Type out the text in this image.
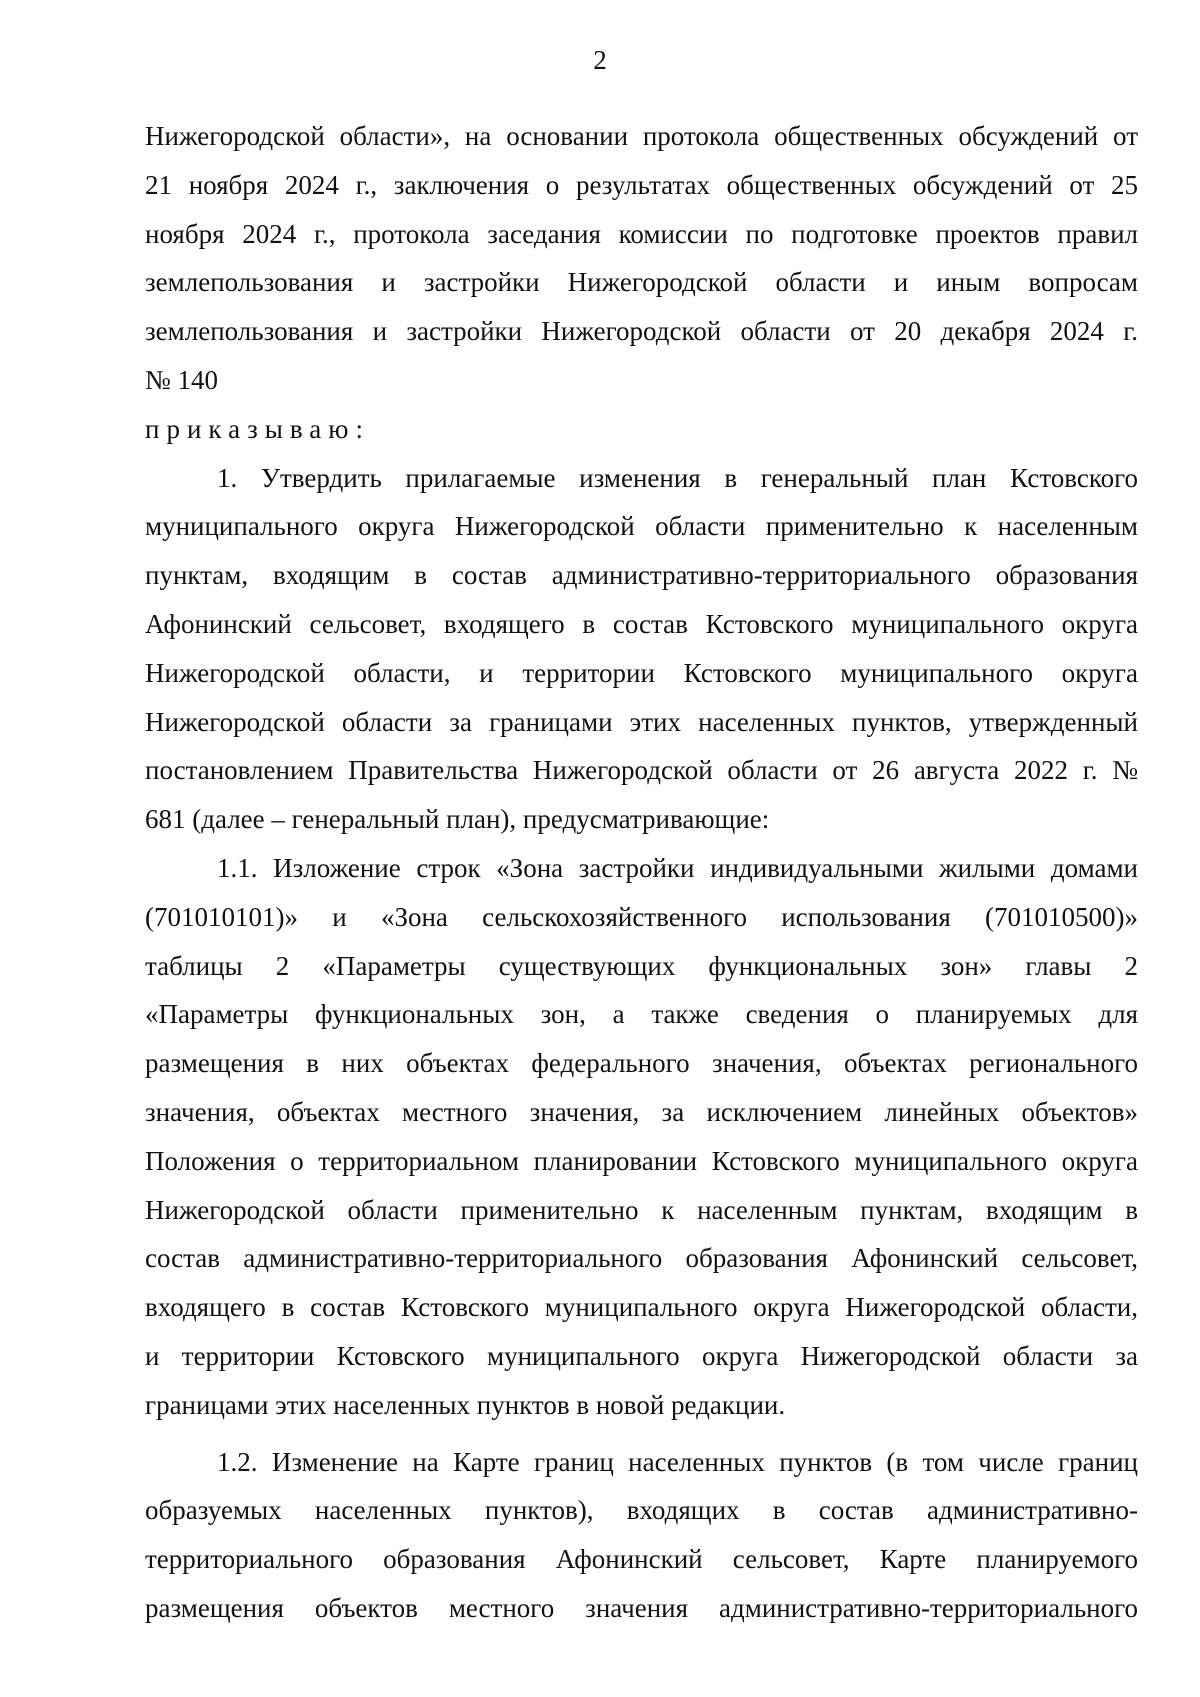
2
Нижегородской области», на основании протокола общественных обсуждений от
21 ноября 2024 г., заключения о результатах общественных обсуждений от 25
ноября 2024 г., протокола заседания комиссии по подготовке проектов правил
землепользования и застройки Нижегородской области и иным вопросам
землепользования и застройки Нижегородской области от 20 декабря 2024 г.
№ 140
приказываю:
1. Утвердить прилагаемые изменения в генеральный план Кстовского
муниципального округа Нижегородской области применительно к населенным
пунктам, входящим в состав административно-территориального образования
Афонинский сельсовет, входящего в состав Кстовского муниципального округа
Нижегородской области, и территории Кстовского муниципального округа
Нижегородской области за границами этих населенных пунктов, утвержденный
постановлением Правительства Нижегородской области от 26 августа 2022 г. №
681 (далее – генеральный план), предусматривающие:
1.1. Изложение строк «Зона застройки индивидуальными жилыми домами
(701010101)» и «Зона сельскохозяйственного использования (701010500)»
таблицы 2 «Параметры существующих функциональных зон» главы 2
«Параметры функциональных зон, а также сведения о планируемых для
размещения в них объектах федерального значения, объектах регионального
значения, объектах местного значения, за исключением линейных объектов»
Положения о территориальном планировании Кстовского муниципального округа
Нижегородской области применительно к населенным пунктам, входящим в
состав административно-территориального образования Афонинский сельсовет,
входящего в состав Кстовского муниципального округа Нижегородской области,
и территории Кстовского муниципального округа Нижегородской области за
границами этих населенных пунктов в новой редакции.
1.2. Изменение на Карте границ населенных пунктов (в том числе границ
образуемых населенных пунктов), входящих в состав административно-
территориального образования Афонинский сельсовет, Карте планируемого
размещения объектов местного значения административно-территориального
